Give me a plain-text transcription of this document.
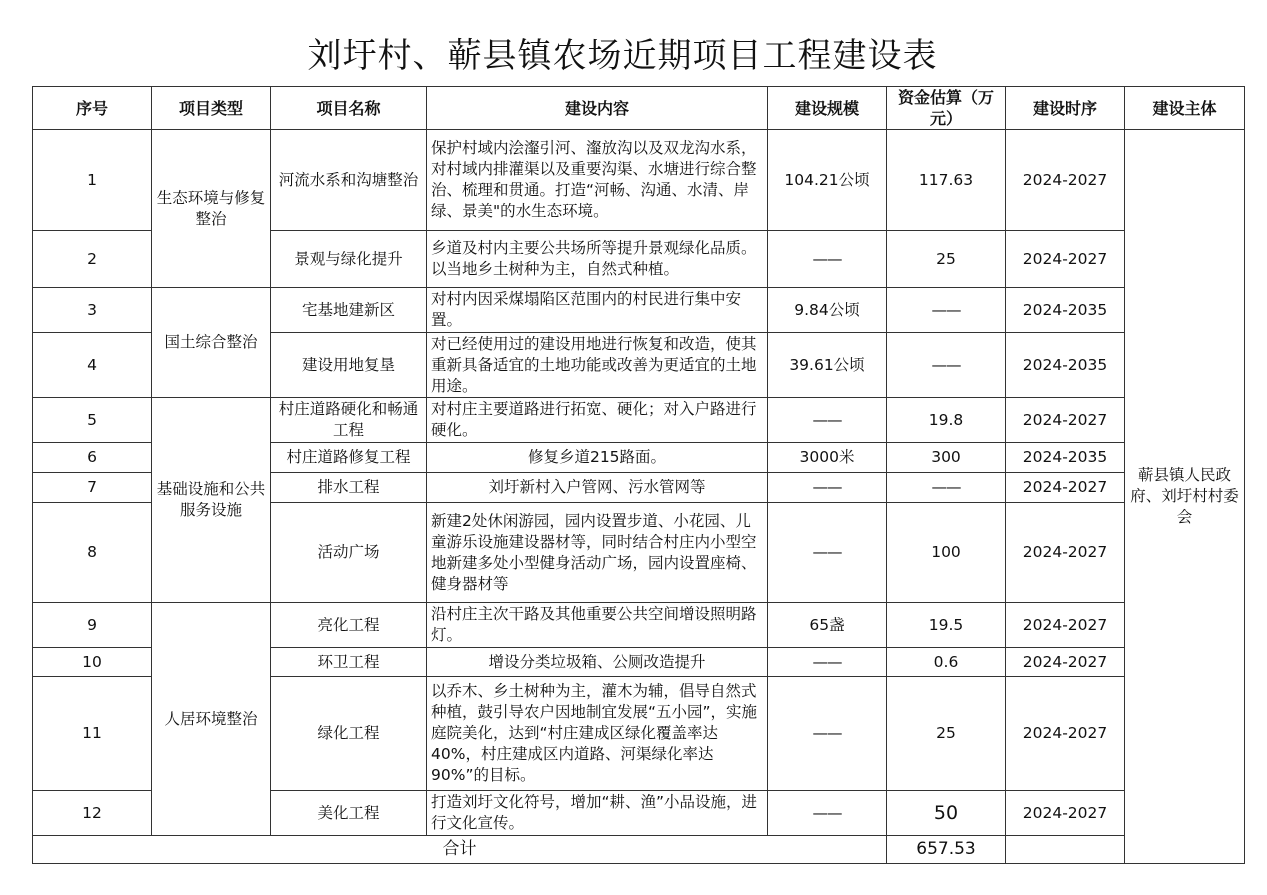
刘圩村、蕲县镇农场近期项目工程建设表
序号	项目类型	项目名称	建设内容	建设规模	资金估算（万元）	建设时序	建设主体
1	生态环境与修复整治	河流水系和沟塘整治	保护村域内浍瀣引河、瀣放沟以及双龙沟水系，对村域内排灌渠以及重要沟渠、水塘进行综合整治、梳理和贯通。打造“河畅、沟通、水清、岸绿、景美"的水生态环境。	104.21公顷	117.63	2024-2027	蕲县镇人民政府、刘圩村村委会
2		景观与绿化提升	乡道及村内主要公共场所等提升景观绿化品质。以当地乡土树种为主，自然式种植。	——	25	2024-2027	
3	国土综合整治	宅基地建新区	对村内因采煤塌陷区范围内的村民进行集中安置。	9.84公顷	——	2024-2035	
4		建设用地复垦	对已经使用过的建设用地进行恢复和改造，使其重新具备适宜的土地功能或改善为更适宜的土地用途。	39.61公顷	——	2024-2035	
5	基础设施和公共服务设施	村庄道路硬化和畅通工程	对村庄主要道路进行拓宽、硬化；对入户路进行硬化。	——	19.8	2024-2027	
6		村庄道路修复工程	修复乡道215路面。	3000米	300	2024-2035	
7		排水工程	刘圩新村入户管网、污水管网等	——	——	2024-2027	
8		活动广场	新建2处休闲游园，园内设置步道、小花园、儿童游乐设施建设器材等，同时结合村庄内小型空地新建多处小型健身活动广场，园内设置座椅、健身器材等	——	100	2024-2027	
9	人居环境整治	亮化工程	沿村庄主次干路及其他重要公共空间增设照明路灯。	65盏	19.5	2024-2027	
10		环卫工程	增设分类垃圾箱、公厕改造提升	——	0.6	2024-2027	
11		绿化工程	以乔木、乡土树种为主，灌木为辅，倡导自然式种植，鼓引导农户因地制宜发展“五小园”，实施庭院美化，达到“村庄建成区绿化覆盖率达40%，村庄建成区内道路、河渠绿化率达90%”的目标。	——	25	2024-2027	
12		美化工程	打造刘圩文化符号，增加“耕、渔”小品设施，进行文化宣传。	——	50	2024-2027	
合计					657.53		
